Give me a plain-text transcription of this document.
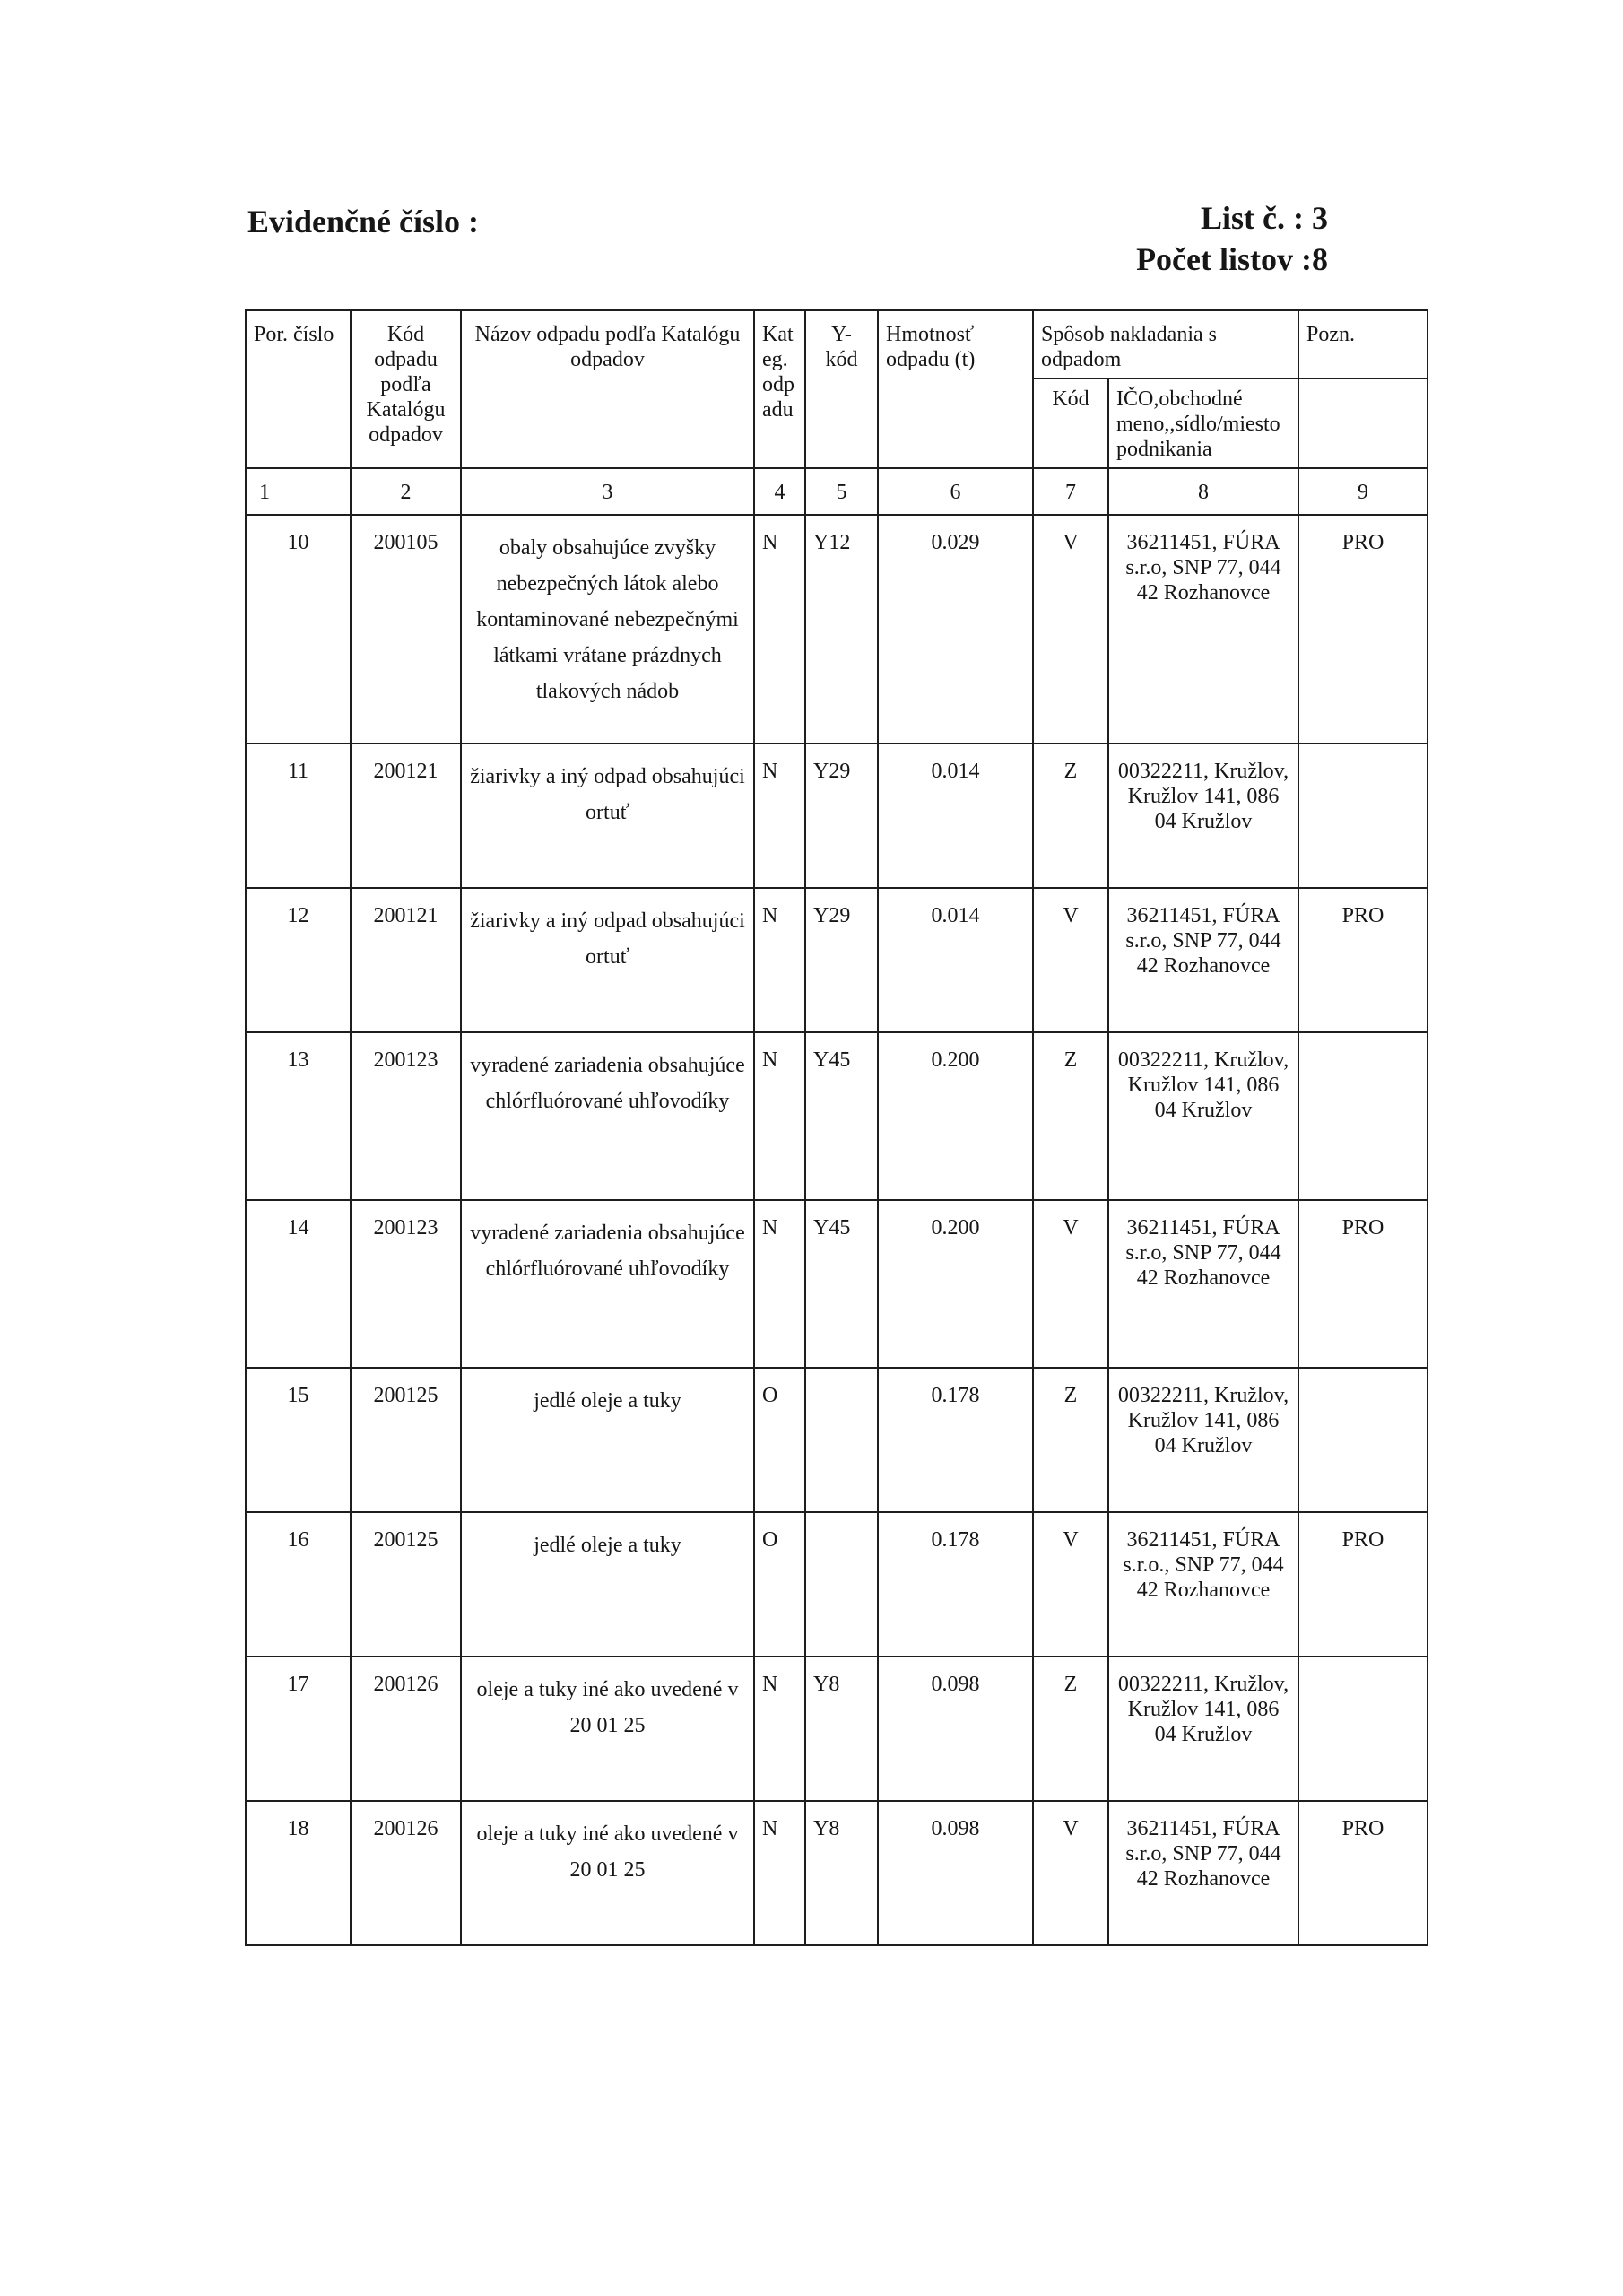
Evidenčné číslo :	List č. : 3
Počet listov :8
Por. číslo	Kód odpadu podľa Katalógu odpadov	Názov odpadu podľa Katalógu odpadov	Kat eg. odp adu	Y- kód	Hmotnosť odpadu (t)	Spôsob nakladania s odpadom		Pozn.
						Kód	IČO,obchodné meno,,sídlo/miesto podnikania	
1	2	3	4	5	6	7	8	9
10	200105	obaly obsahujúce zvyšky nebezpečných látok alebo kontaminované nebezpečnými látkami vrátane prázdnych tlakových nádob	N	Y12	0.029	V	36211451, FÚRA s.r.o, SNP 77, 044 42 Rozhanovce	PRO
11	200121	žiarivky a iný odpad obsahujúci ortuť	N	Y29	0.014	Z	00322211, Kružlov, Kružlov 141, 086 04 Kružlov	
12	200121	žiarivky a iný odpad obsahujúci ortuť	N	Y29	0.014	V	36211451, FÚRA s.r.o, SNP 77, 044 42 Rozhanovce	PRO
13	200123	vyradené zariadenia obsahujúce chlórfluórované uhľovodíky	N	Y45	0.200	Z	00322211, Kružlov, Kružlov 141, 086 04 Kružlov	
14	200123	vyradené zariadenia obsahujúce chlórfluórované uhľovodíky	N	Y45	0.200	V	36211451, FÚRA s.r.o, SNP 77, 044 42 Rozhanovce	PRO
15	200125	jedlé oleje a tuky	O		0.178	Z	00322211, Kružlov, Kružlov 141, 086 04 Kružlov	
16	200125	jedlé oleje a tuky	O		0.178	V	36211451, FÚRA s.r.o., SNP 77, 044 42 Rozhanovce	PRO
17	200126	oleje a tuky iné ako uvedené v 20 01 25	N	Y8	0.098	Z	00322211, Kružlov, Kružlov 141, 086 04 Kružlov	
18	200126	oleje a tuky iné ako uvedené v 20 01 25	N	Y8	0.098	V	36211451, FÚRA s.r.o, SNP 77, 044 42 Rozhanovce	PRO
